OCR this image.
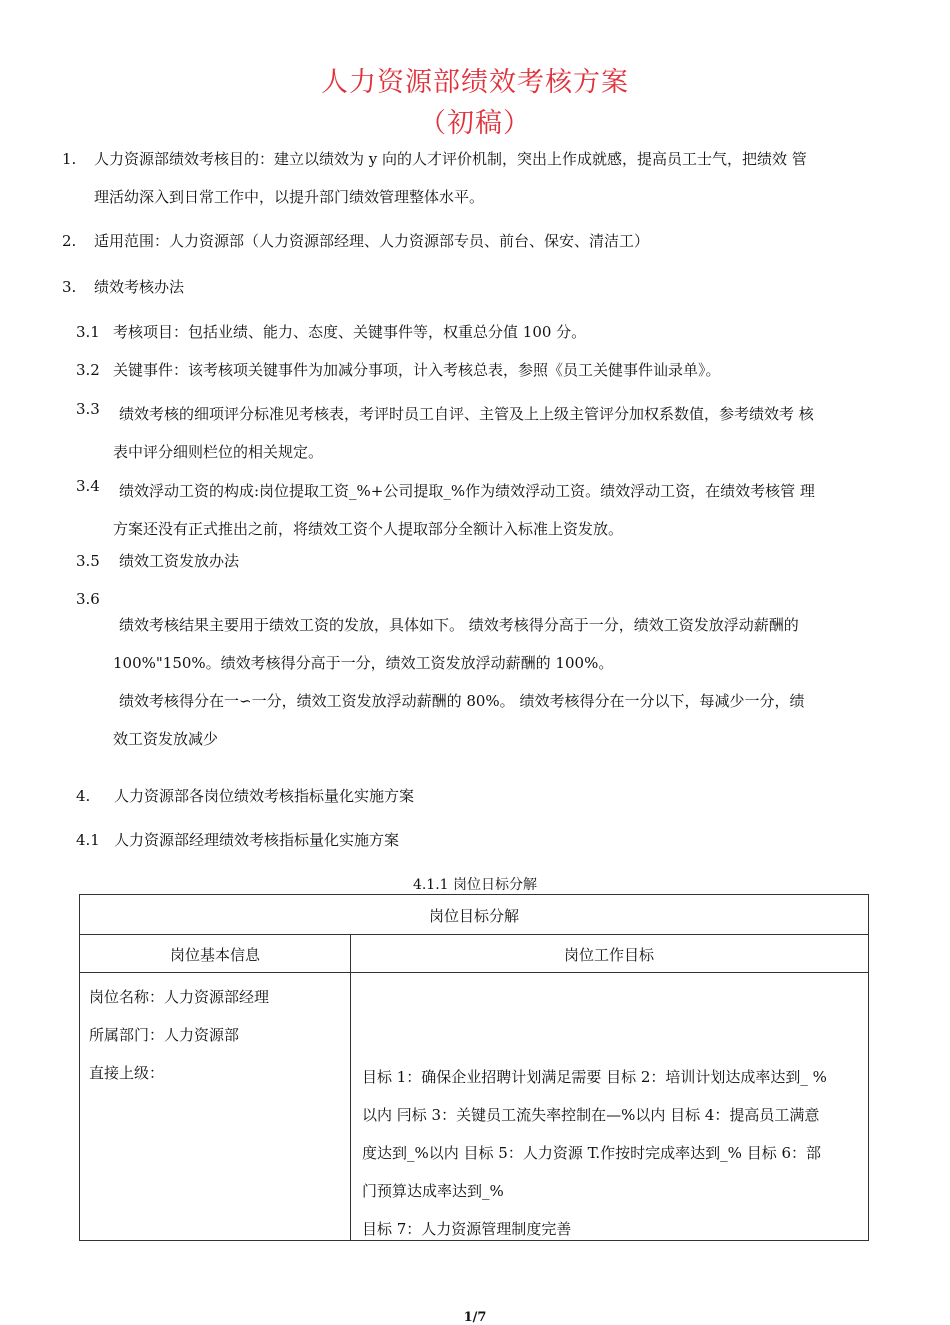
人力资源部绩效考核方案
（初稿）
1. 人力资源部绩效考核目的：建立以绩效为 y 向的人才评价机制，突出上作成就感，提高员工士气，把绩效 管
理活幼深入到日常工作中，以提升部门绩效管理整体水平。
2. 适用范围：人力资源部（人力资源部经理、人力资源部专员、前台、保安、清洁工）
3. 绩效考核办法
3.1 考核项目：包括业绩、能力、态度、关键事件等，权重总分值 100 分。
3.2 关键事件：该考核项关键事件为加减分事项，计入考核总表，参照《员工关健事件讪录单》。
3.3 绩效考核的细项评分标准见考核表，考评时员工自评、主管及上上级主管评分加权系数值，参考绩效考 核
表中评分细则栏位的相关规定。
3.4 绩效浮动工资的构成:岗位提取工资_%+公司提取_%作为绩效浮动工资。绩效浮动工资，在绩效考核管 理
方案还没有正式推出之前，将绩效工资个人提取部分全额计入标准上资发放。
3.5 绩效工资发放办法
3.6
绩效考核结果主要用于绩效工资的发放，具体如下。 绩效考核得分高于一分，绩效工资发放浮动薪酬的
100%"150%。绩效考核得分高于一分，绩效工资发放浮动薪酬的 100%。
绩效考核得分在一∽一分，绩效工资发放浮动薪酬的 80%。 绩效考核得分在一分以下，每减少一分，绩
效工资发放减少
4. 人力资源部各岗位绩效考核指标量化实施方案
4.1 人力资源部经理绩效考核指标量化实施方案
4.1.1 岗位日标分解
岗位目标分解
岗位基本信息	岗位工作目标
岗位名称：人力资源部经理
所属部门：人力资源部
直接上级：	目标 1：确保企业招聘计划满足需要 目标 2：培训计划达成率达到_ %
以内 冃标 3：关键员工流失率控制在—%以内 目标 4：提高员工满意
度达到_%以内 目标 5：人力资源 T.作按时完成率达到_% 目标 6：部
门预算达成率达到_%
目标 7：人力资源管理制度完善
1/7
